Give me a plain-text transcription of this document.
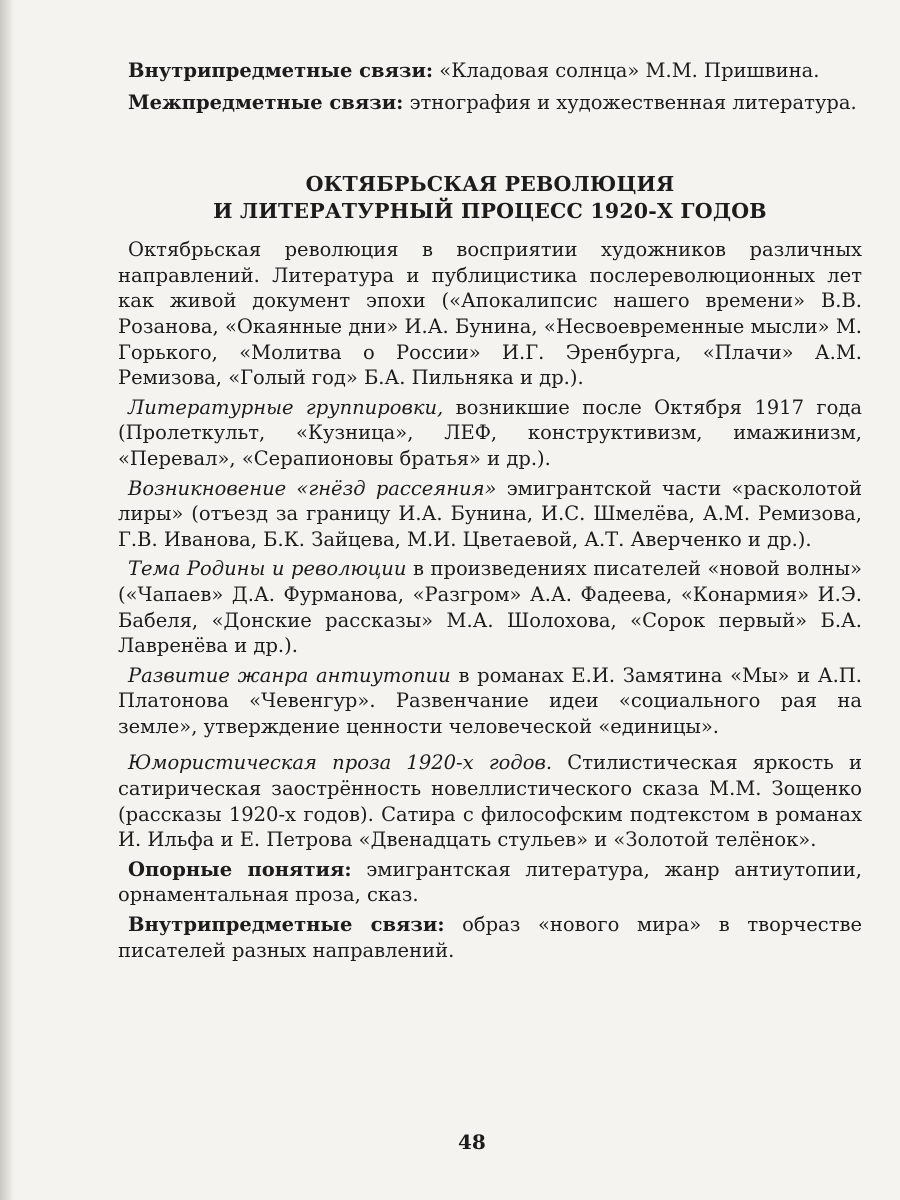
Внутрипредметные связи: «Кладовая солнца» М.М. Пришвина.

Межпредметные связи: этнография и художественная литература.

ОКТЯБРЬСКАЯ РЕВОЛЮЦИЯ
И ЛИТЕРАТУРНЫЙ ПРОЦЕСС 1920-Х ГОДОВ

Октябрьская революция в восприятии художников различных направлений. Литература и публицистика послереволюционных лет как живой документ эпохи («Апокалипсис нашего времени» В.В. Розанова, «Окаянные дни» И.А. Бунина, «Несвоевременные мысли» М. Горького, «Молитва о России» И.Г. Эренбурга, «Плачи» А.М. Ремизова, «Голый год» Б.А. Пильняка и др.).

Литературные группировки, возникшие после Октября 1917 года (Пролеткульт, «Кузница», ЛЕФ, конструктивизм, имажинизм, «Перевал», «Серапионовы братья» и др.).

Возникновение «гнёзд рассеяния» эмигрантской части «расколотой лиры» (отъезд за границу И.А. Бунина, И.С. Шмелёва, А.М. Ремизова, Г.В. Иванова, Б.К. Зайцева, М.И. Цветаевой, А.Т. Аверченко и др.).

Тема Родины и революции в произведениях писателей «новой волны» («Чапаев» Д.А. Фурманова, «Разгром» А.А. Фадеева, «Конармия» И.Э. Бабеля, «Донские рассказы» М.А. Шолохова, «Сорок первый» Б.А. Лавренёва и др.).

Развитие жанра антиутопии в романах Е.И. Замятина «Мы» и А.П. Платонова «Чевенгур». Развенчание идеи «социального рая на земле», утверждение ценности человеческой «единицы».

Юмористическая проза 1920-х годов. Стилистическая яркость и сатирическая заострённость новеллистического сказа М.М. Зощенко (рассказы 1920-х годов). Сатира с философским подтекстом в романах И. Ильфа и Е. Петрова «Двенадцать стульев» и «Золотой телёнок».

Опорные понятия: эмигрантская литература, жанр антиутопии, орнаментальная проза, сказ.

Внутрипредметные связи: образ «нового мира» в творчестве писателей разных направлений.

48
